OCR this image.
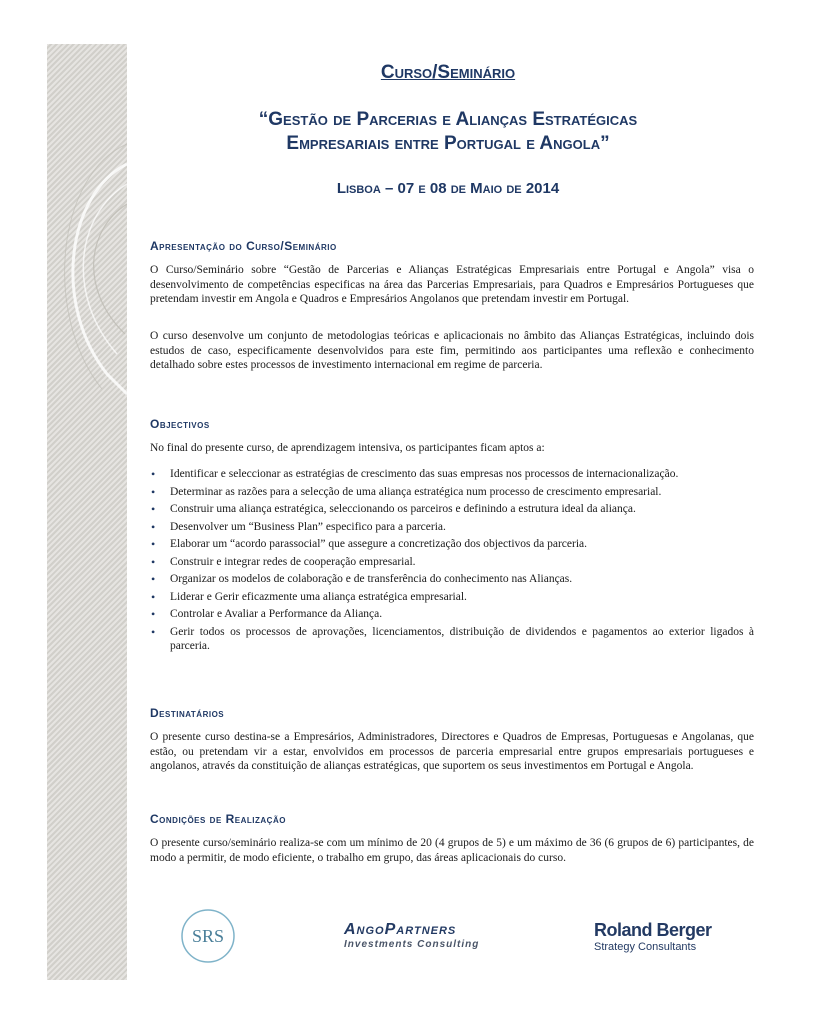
Curso/Seminário
“Gestão de Parcerias e Alianças Estratégicas
Empresariais entre Portugal e Angola”
Lisboa – 07 e 08 de Maio de 2014
Apresentação do Curso/Seminário
O Curso/Seminário sobre “Gestão de Parcerias e Alianças Estratégicas Empresariais entre Portugal e Angola” visa o desenvolvimento de competências especificas na área das Parcerias Empresariais, para Quadros e Empresários Portugueses que pretendam investir em Angola e Quadros e Empresários Angolanos que pretendam investir em Portugal.
O curso desenvolve um conjunto de metodologias teóricas e aplicacionais no âmbito das Alianças Estratégicas, incluindo dois estudos de caso, especificamente desenvolvidos para este fim, permitindo aos participantes uma reflexão e conhecimento detalhado sobre estes processos de investimento internacional em regime de parceria.
Objectivos
No final do presente curso, de aprendizagem intensiva, os participantes ficam aptos a:
• Identificar e seleccionar as estratégias de crescimento das suas empresas nos processos de internacionalização.
• Determinar as razões para a selecção de uma aliança estratégica num processo de crescimento empresarial.
• Construir uma aliança estratégica, seleccionando os parceiros e definindo a estrutura ideal da aliança.
• Desenvolver um “Business Plan” especifico para a parceria.
• Elaborar um “acordo parassocial” que assegure a concretização dos objectivos da parceria.
• Construir e integrar redes de cooperação empresarial.
• Organizar os modelos de colaboração e de transferência do conhecimento nas Alianças.
• Liderar e Gerir eficazmente uma aliança estratégica empresarial.
• Controlar e Avaliar a Performance da Aliança.
• Gerir todos os processos de aprovações, licenciamentos, distribuição de dividendos e pagamentos ao exterior ligados à parceria.
Destinatários
O presente curso destina-se a Empresários, Administradores, Directores e Quadros de Empresas, Portuguesas e Angolanas, que estão, ou pretendam vir a estar, envolvidos em processos de parceria empresarial entre grupos empresariais portugueses e angolanos, através da constituição de alianças estratégicas, que suportem os seus investimentos em Portugal e Angola.
Condições de Realização
O presente curso/seminário realiza-se com um mínimo de 20 (4 grupos de 5) e um máximo de 36 (6 grupos de 6) participantes, de modo a permitir, de modo eficiente, o trabalho em grupo, das áreas aplicacionais do curso.
SRS	AngoPartners
Investments Consulting
Roland Berger
Strategy Consultants
